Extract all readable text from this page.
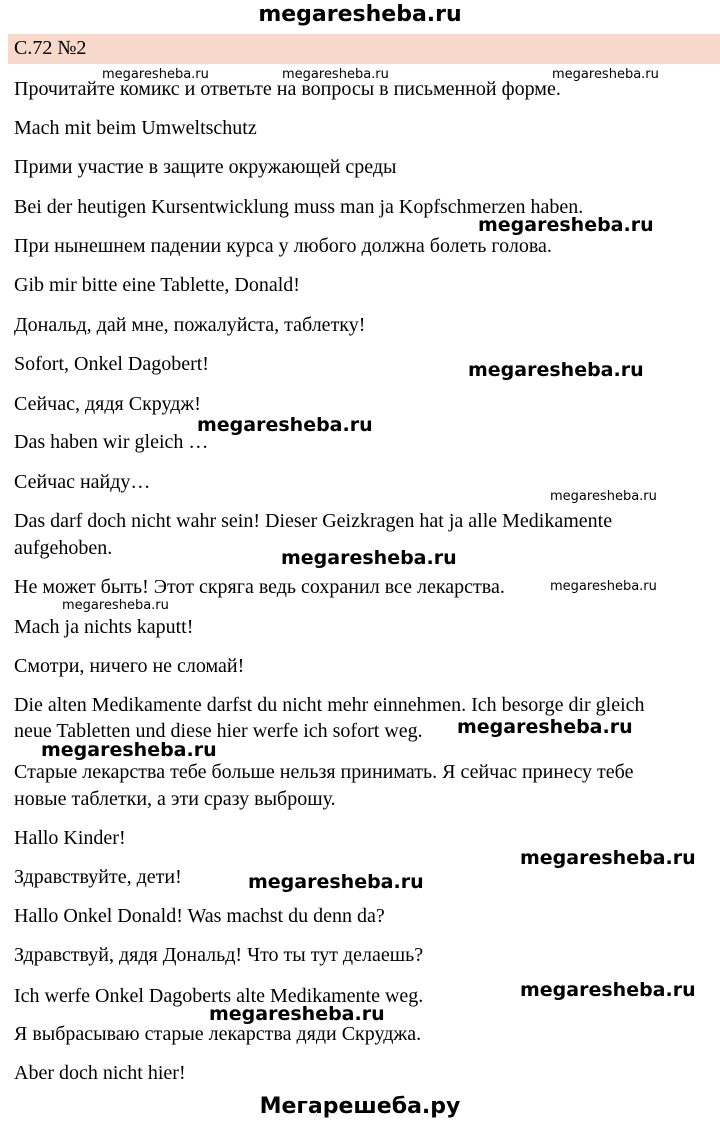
megaresheba.ru
С.72 №2
Прочитайте комикс и ответьте на вопросы в письменной форме.
Mach mit beim Umweltschutz
Прими участие в защите окружающей среды
Bei der heutigen Kursentwicklung muss man ja Kopfschmerzen haben.
При нынешнем падении курса у любого должна болеть голова.
Gib mir bitte eine Tablette, Donald!
Дональд, дай мне, пожалуйста, таблетку!
Sofort, Onkel Dagobert!
Сейчас, дядя Скрудж!
Das haben wir gleich …
Сейчас найду…
Das darf doch nicht wahr sein! Dieser Geizkragen hat ja alle Medikamente
aufgehoben.
Не может быть! Этот скряга ведь сохранил все лекарства.
Mach ja nichts kaputt!
Смотри, ничего не сломай!
Die alten Medikamente darfst du nicht mehr einnehmen. Ich besorge dir gleich
neue Tabletten und diese hier werfe ich sofort weg.
Старые лекарства тебе больше нельзя принимать. Я сейчас принесу тебе
новые таблетки, а эти сразу выброшу.
Hallo Kinder!
Здравствуйте, дети!
Hallo Onkel Donald! Was machst du denn da?
Здравствуй, дядя Дональд! Что ты тут делаешь?
Ich werfe Onkel Dagoberts alte Medikamente weg.
Я выбрасываю старые лекарства дяди Скруджа.
Aber doch nicht hier!
megaresheba.ru	megaresheba.ru	megaresheba.ru
megaresheba.ru
megaresheba.ru
megaresheba.ru
megaresheba.ru
megaresheba.ru
megaresheba.ru
megaresheba.ru
megaresheba.ru
megaresheba.ru
megaresheba.ru
megaresheba.ru
megaresheba.ru
megaresheba.ru
Мегарешеба.ру
